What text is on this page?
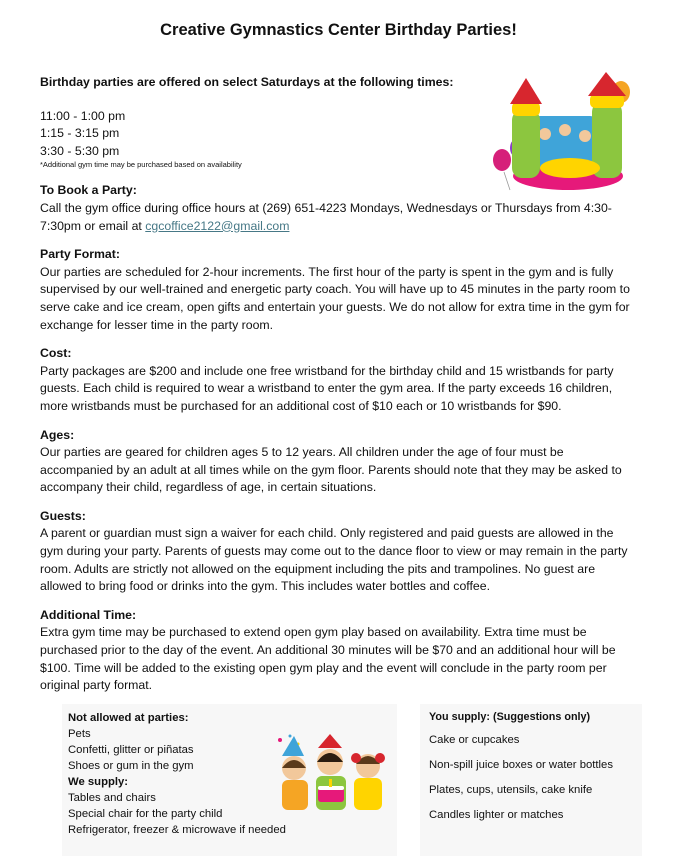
Creative Gymnastics Center Birthday Parties!

Birthday parties are offered on select Saturdays at the following times:

11:00 - 1:00 pm
1:15 - 3:15 pm
3:30 - 5:30 pm

*Additional gym time may be purchased based on availability

To Book a Party:

Call the gym office during office hours at (269) 651-4223 Mondays, Wednesdays or Thursdays from 4:30-7:30pm or email at cgcoffice2122@gmail.com

Party Format:

Our parties are scheduled for 2-hour increments. The first hour of the party is spent in the gym and is fully supervised by our well-trained and energetic party coach. You will have up to 45 minutes in the party room to serve cake and ice cream, open gifts and entertain your guests. We do not allow for extra time in the gym for exchange for lesser time in the party room.

Cost:

Party packages are $200 and include one free wristband for the birthday child and 15 wristbands for party guests. Each child is required to wear a wristband to enter the gym area. If the party exceeds 16 children, more wristbands must be purchased for an additional cost of $10 each or 10 wristbands for $90.

Ages:

Our parties are geared for children ages 5 to 12 years. All children under the age of four must be accompanied by an adult at all times while on the gym floor. Parents should note that they may be asked to accompany their child, regardless of age, in certain situations.

Guests:

A parent or guardian must sign a waiver for each child. Only registered and paid guests are allowed in the gym during your party. Parents of guests may come out to the dance floor to view or may remain in the party room. Adults are strictly not allowed on the equipment including the pits and trampolines. No guest are allowed to bring food or drinks into the gym. This includes water bottles and coffee.

Additional Time:

Extra gym time may be purchased to extend open gym play based on availability. Extra time must be purchased prior to the day of the event. An additional 30 minutes will be $70 and an additional hour will be $100. Time will be added to the existing open gym play and the event will conclude in the party room per original party format.

Not allowed at parties:

Pets

Confetti, glitter or piñatas

Shoes or gum in the gym

We supply:

Tables and chairs

Special chair for the party child

Refrigerator, freezer & microwave if needed

You supply: (Suggestions only)

Cake or cupcakes

Non-spill juice boxes or water bottles

Plates, cups, utensils, cake knife

Candles lighter or matches
